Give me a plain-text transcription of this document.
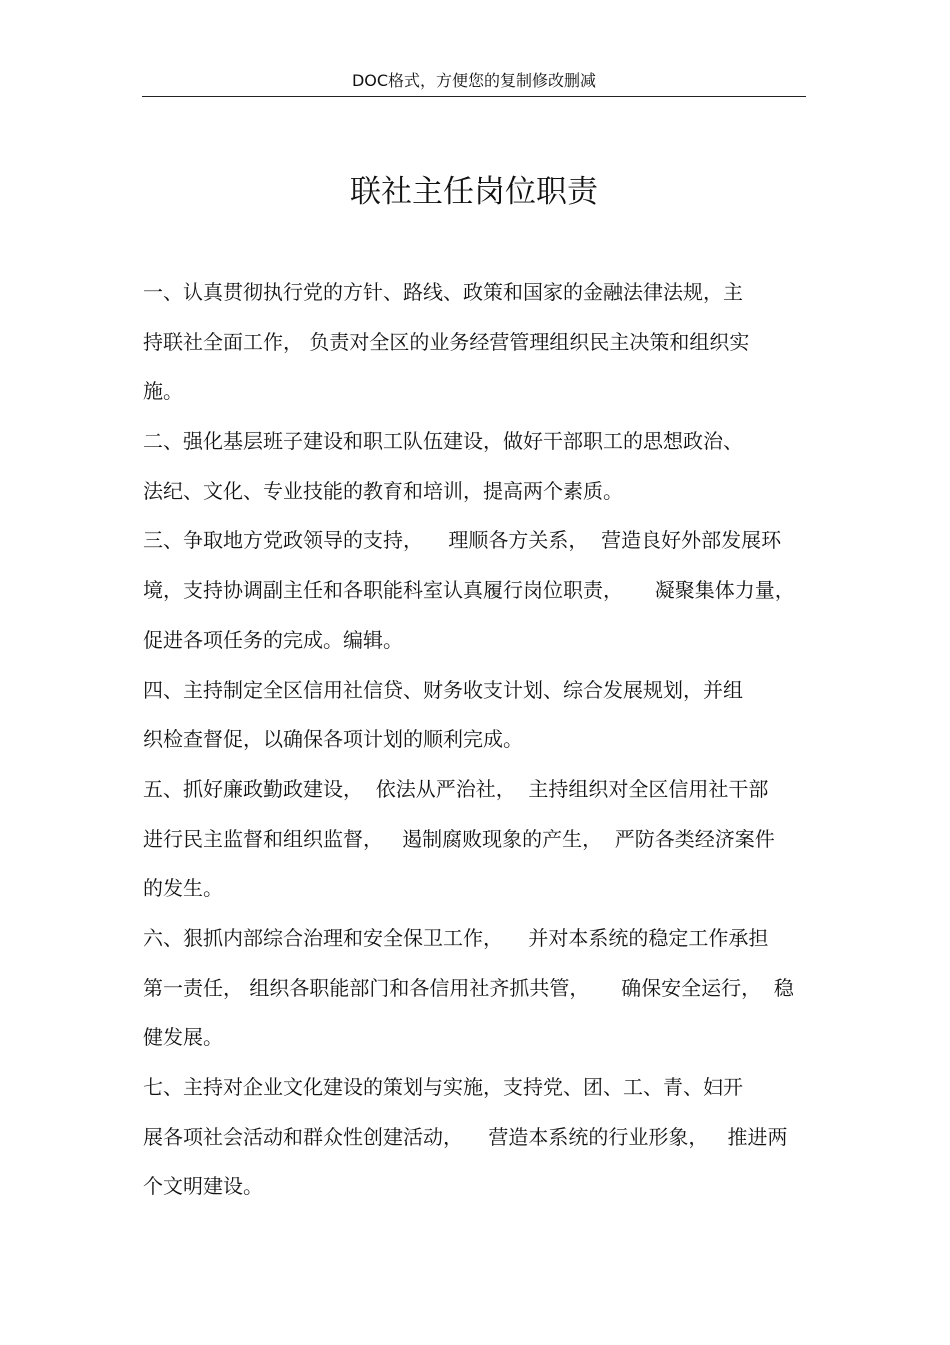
DOC格式，方便您的复制修改删减
联社主任岗位职责
一、认真贯彻执行党的方针、路线、政策和国家的金融法律法规，主
持联社全面工作， 负责对全区的业务经营管理组织民主决策和组织实
施。
二、强化基层班子建设和职工队伍建设，做好干部职工的思想政治、
法纪、文化、专业技能的教育和培训，提高两个素质。
三、争取地方党政领导的支持，    理顺各方关系，  营造良好外部发展环
境，支持协调副主任和各职能科室认真履行岗位职责，     凝聚集体力量，
促进各项任务的完成。编辑。
四、主持制定全区信用社信贷、财务收支计划、综合发展规划，并组
织检查督促，以确保各项计划的顺利完成。
五、抓好廉政勤政建设，  依法从严治社，  主持组织对全区信用社干部
进行民主监督和组织监督，   遏制腐败现象的产生，  严防各类经济案件
的发生。
六、狠抓内部综合治理和安全保卫工作，    并对本系统的稳定工作承担
第一责任， 组织各职能部门和各信用社齐抓共管，     确保安全运行，  稳
健发展。
七、主持对企业文化建设的策划与实施，支持党、团、工、青、妇开
展各项社会活动和群众性创建活动，    营造本系统的行业形象，   推进两
个文明建设。
